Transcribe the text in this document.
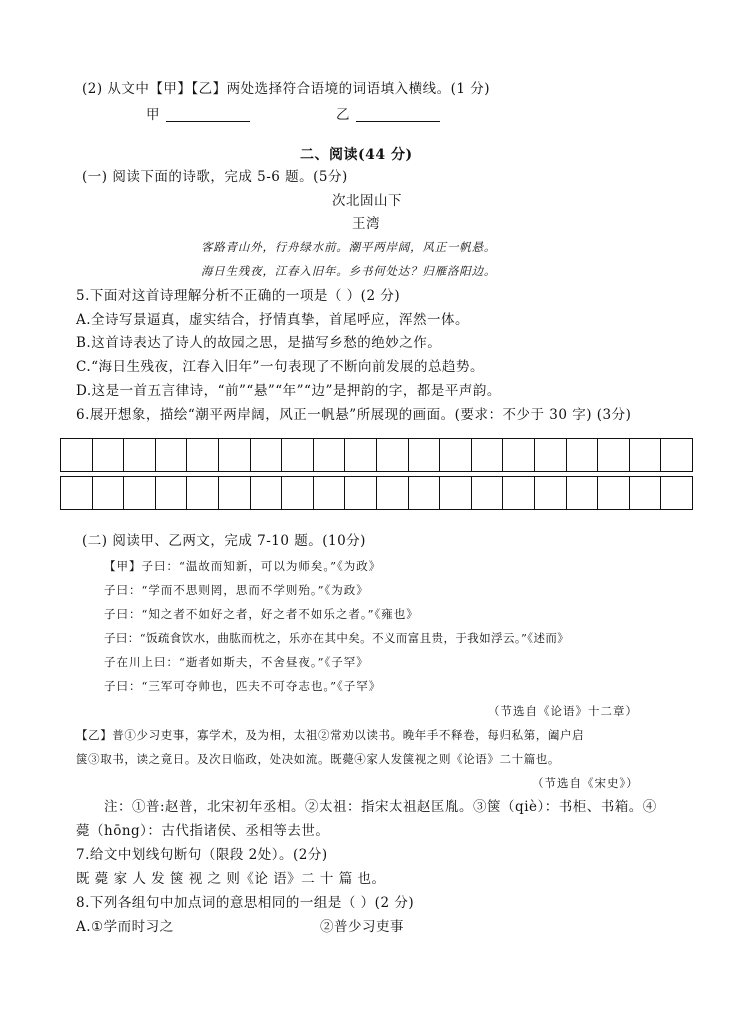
(2) 从文中【甲】【乙】两处选择符合语境的词语填入横线。(1 分)
甲	乙
二、阅读(44 分)
(一) 阅读下面的诗歌，完成 5-6 题。(5分)
次北固山下
王湾
客路青山外，行舟绿水前。潮平两岸阔，风正一帆悬。
海日生残夜，江春入旧年。乡书何处达？归雁洛阳边。
5.下面对这首诗理解分析不正确的一项是（ ）(2 分)
A.全诗写景逼真，虚实结合，抒情真挚，首尾呼应，浑然一体。
B.这首诗表达了诗人的故园之思，是描写乡愁的绝妙之作。
C.“海日生残夜，江春入旧年”一句表现了不断向前发展的总趋势。
D.这是一首五言律诗，“前”“悬”“年”“边”是押韵的字，都是平声韵。
6.展开想象，描绘“潮平两岸阔，风正一帆悬”所展现的画面。(要求：不少于 30 字) (3分)

(二) 阅读甲、乙两文，完成 7-10 题。(10分)
【甲】子曰：“温故而知新，可以为师矣。”《为政》
子曰：“学而不思则罔，思而不学则殆。”《为政》
子曰：“知之者不如好之者，好之者不如乐之者。”《雍也》
子曰：“饭疏食饮水，曲肱而枕之，乐亦在其中矣。不义而富且贵，于我如浮云。”《述而》
子在川上曰：“逝者如斯夫，不舍昼夜。”《子罕》
子曰：“三军可夺帅也，匹夫不可夺志也。”《子罕》
（节选自《论语》十二章）
【乙】普①少习吏事，寡学术，及为相，太祖②常劝以读书。晚年手不释卷，每归私第，阖户启
箧③取书，读之竟日。及次日临政，处决如流。既薨④家人发箧视之则《论语》二十篇也。
（节选自《宋史》）
注：①普:赵普，北宋初年丞相。②太祖：指宋太祖赵匡胤。③箧（qiè）：书柜、书箱。④
薨（hōng）：古代指诸侯、丞相等去世。
7.给文中划线句断句（限段 2处）。(2分)
既 薨 家 人 发 箧 视 之 则《论 语》二 十 篇 也。
8.下列各组句中加点词的意思相同的一组是（ ）(2 分)
A.①学而时习之	②普少习吏事
